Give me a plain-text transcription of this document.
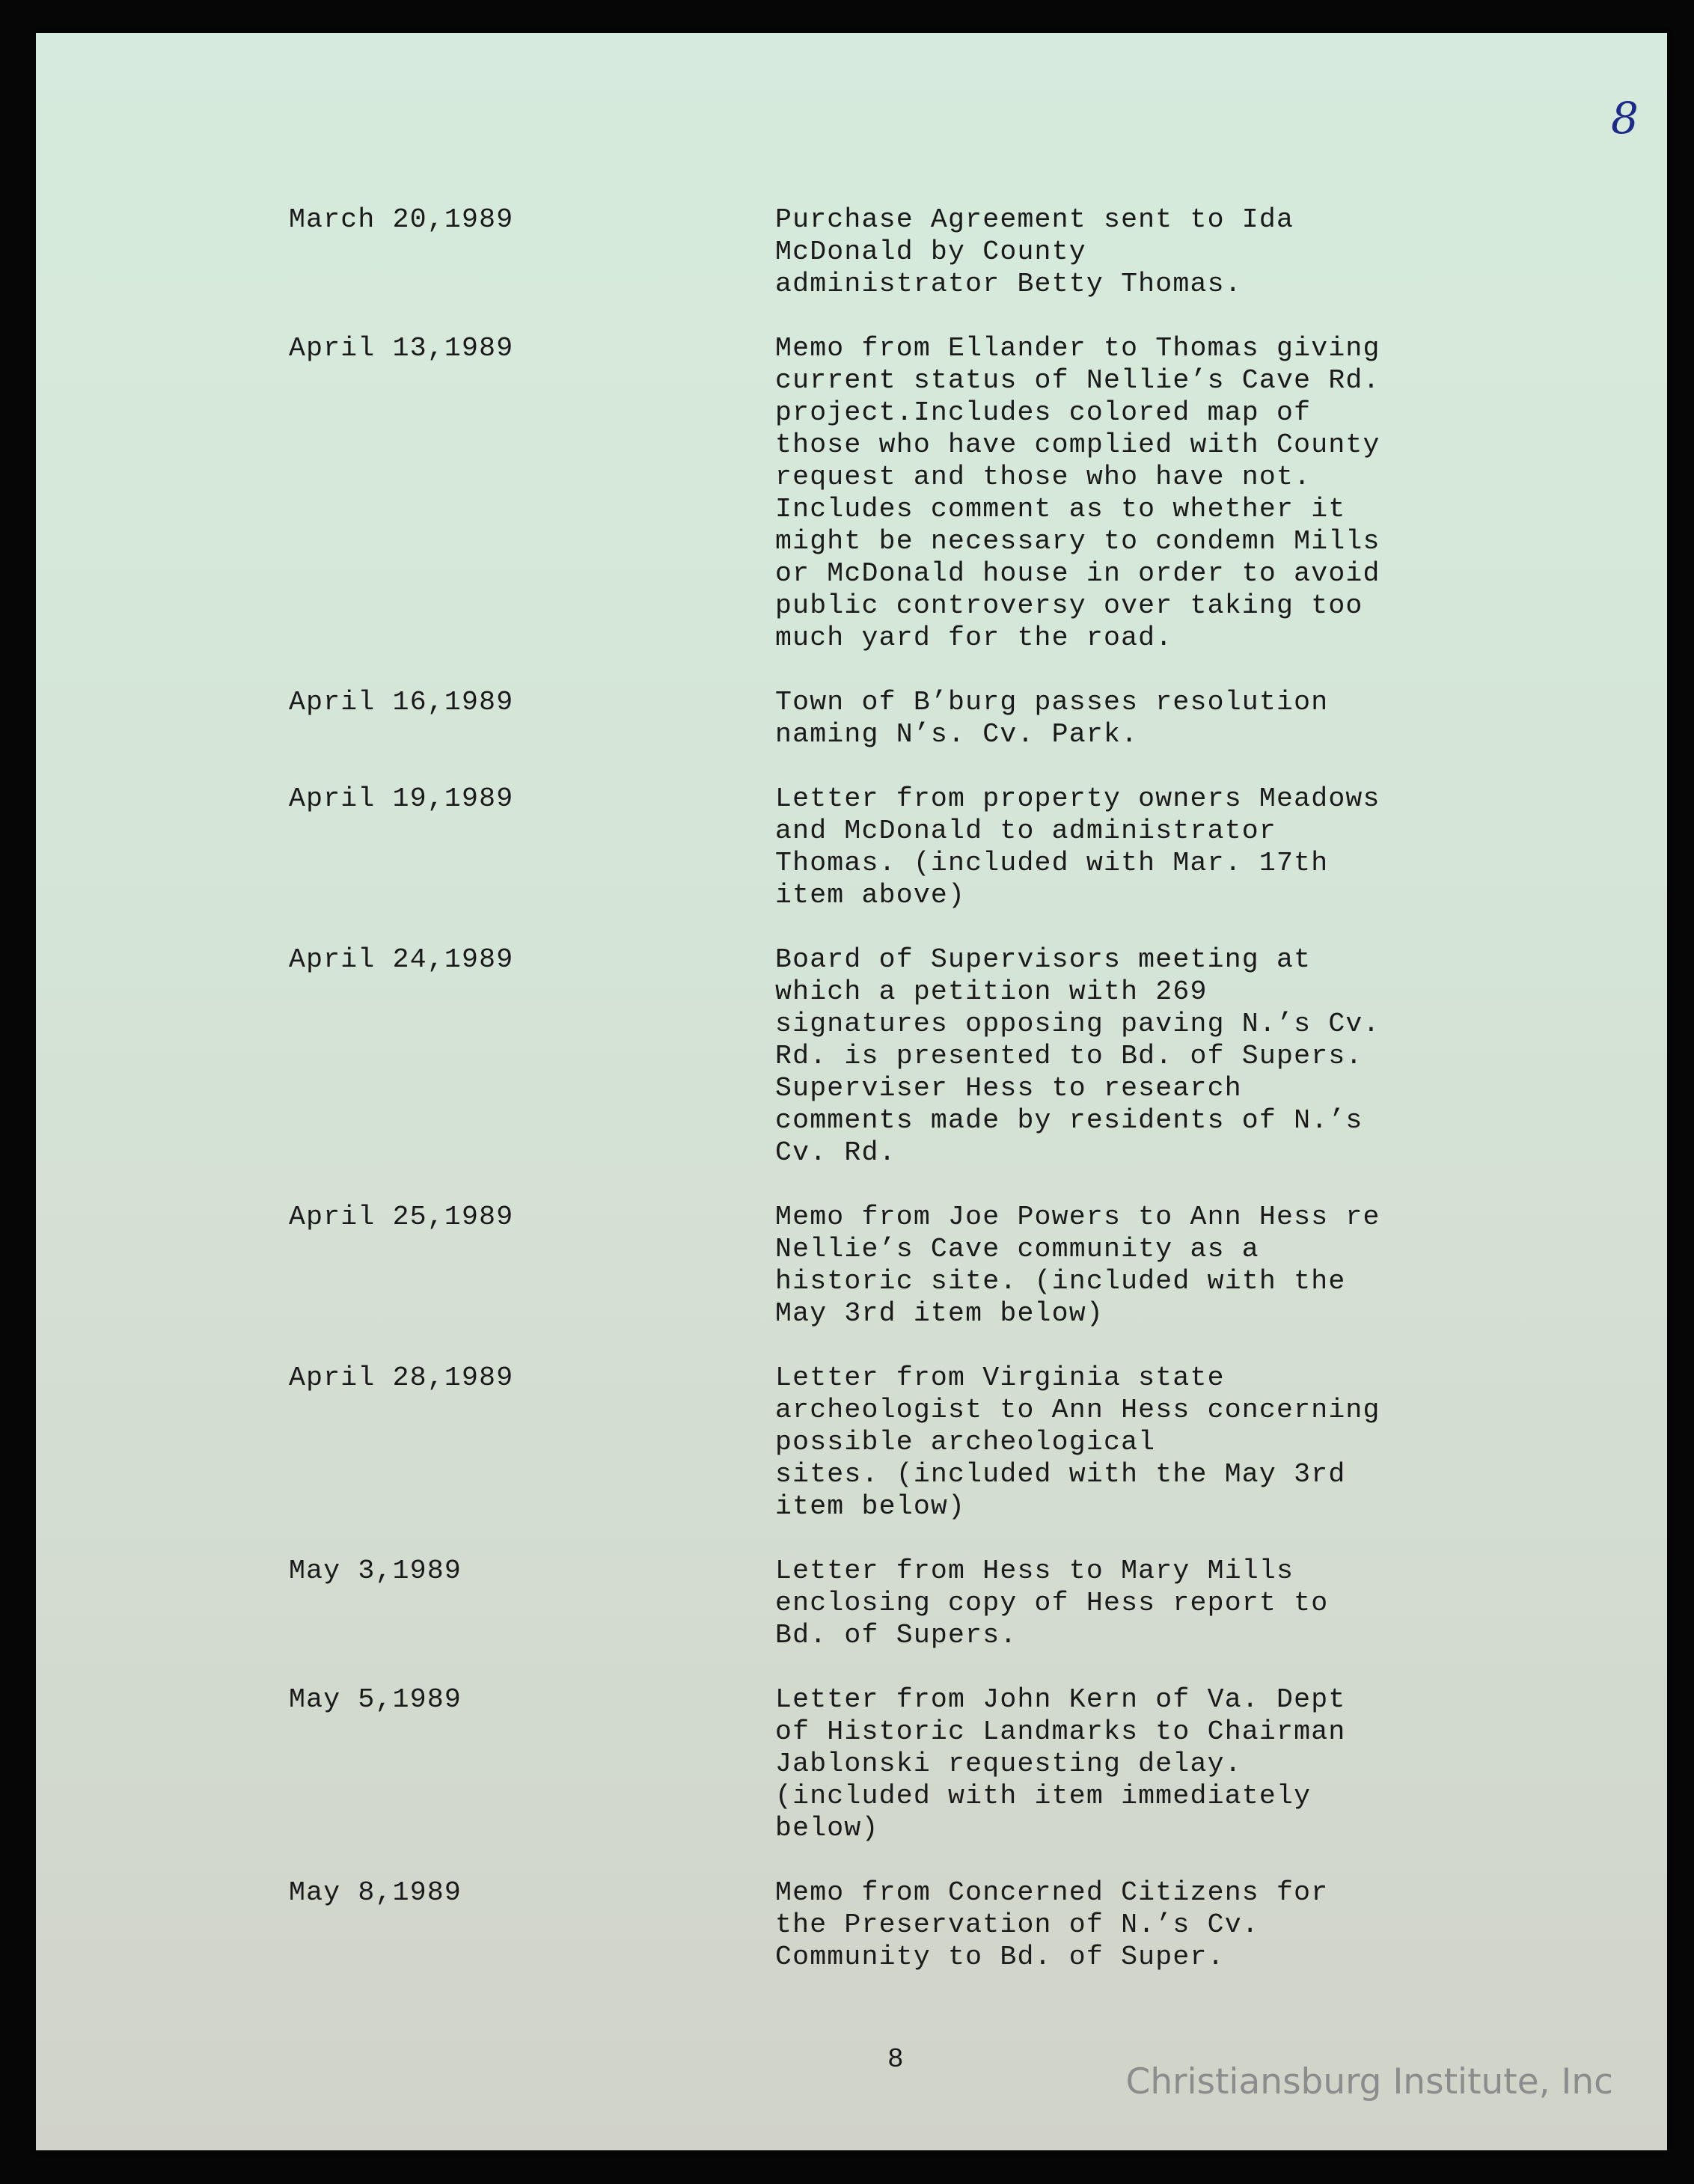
8
March 20,1989	Purchase Agreement sent to Ida
McDonald by County
administrator Betty Thomas.
April 13,1989	Memo from Ellander to Thomas giving
current status of Nellie’s Cave Rd.
project.Includes colored map of
those who have complied with County
request and those who have not.
Includes comment as to whether it
might be necessary to condemn Mills
or McDonald house in order to avoid
public controversy over taking too
much yard for the road.
April 16,1989	Town of B’burg passes resolution
naming N’s. Cv. Park.
April 19,1989	Letter from property owners Meadows
and McDonald to administrator
Thomas. (included with Mar. 17th
item above)
April 24,1989	Board of Supervisors meeting at
which a petition with 269
signatures opposing paving N.’s Cv.
Rd. is presented to Bd. of Supers.
Superviser Hess to research
comments made by residents of N.’s
Cv. Rd.
April 25,1989	Memo from Joe Powers to Ann Hess re
Nellie’s Cave community as a
historic site. (included with the
May 3rd item below)
April 28,1989	Letter from Virginia state
archeologist to Ann Hess concerning
possible archeological
sites. (included with the May 3rd
item below)
May 3,1989	Letter from Hess to Mary Mills
enclosing copy of Hess report to
Bd. of Supers.
May 5,1989	Letter from John Kern of Va. Dept
of Historic Landmarks to Chairman
Jablonski requesting delay.
(included with item immediately
below)
May 8,1989	Memo from Concerned Citizens for
the Preservation of N.’s Cv.
Community to Bd. of Super.
8
Christiansburg Institute, Inc
